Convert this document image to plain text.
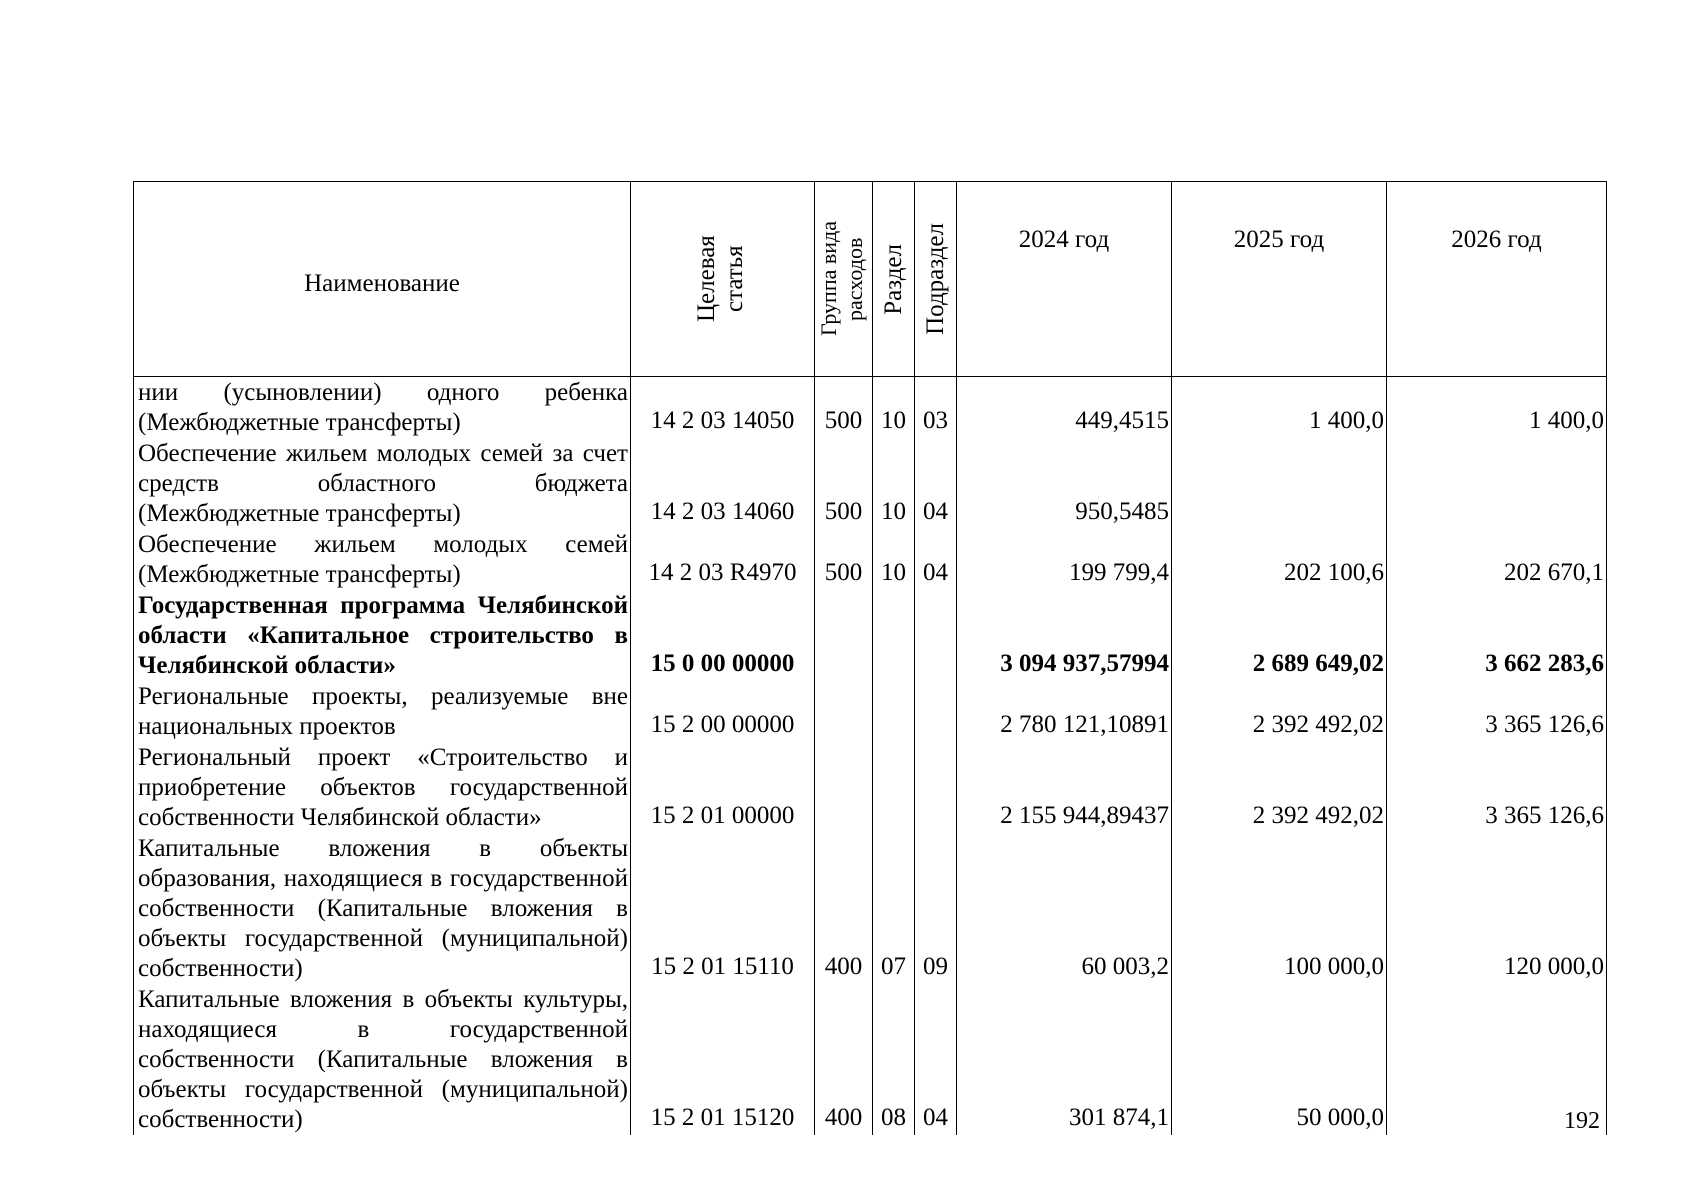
Наименование	Целевая статья	Группа вида расходов	Раздел	Подраздел	2024 год	2025 год	2026 год

нии (усыновлении) одного ребенка (Межбюджетные трансферты)	14 2 03 14050	500	10	03	449,4515	1 400,0	1 400,0

Обеспечение жильем молодых семей за счет средств областного бюджета (Межбюджетные трансферты)	14 2 03 14060	500	10	04	950,5485		

Обеспечение жильем молодых семей (Межбюджетные трансферты)	14 2 03 R4970	500	10	04	199 799,4	202 100,6	202 670,1

Государственная программа Челябинской области «Капитальное строительство в Челябинской области»	15 0 00 00000				3 094 937,57994	2 689 649,02	3 662 283,6

Региональные проекты, реализуемые вне национальных проектов	15 2 00 00000				2 780 121,10891	2 392 492,02	3 365 126,6

Региональный проект «Строительство и приобретение объектов государственной собственности Челябинской области»	15 2 01 00000				2 155 944,89437	2 392 492,02	3 365 126,6

Капитальные вложения в объекты образования, находящиеся в государственной собственности (Капитальные вложения в объекты государственной (муниципальной) собственности)	15 2 01 15110	400	07	09	60 003,2	100 000,0	120 000,0

Капитальные вложения в объекты культуры, находящиеся в государственной собственности (Капитальные вложения в объекты государственной (муниципальной) собственности)	15 2 01 15120	400	08	04	301 874,1	50 000,0		192
